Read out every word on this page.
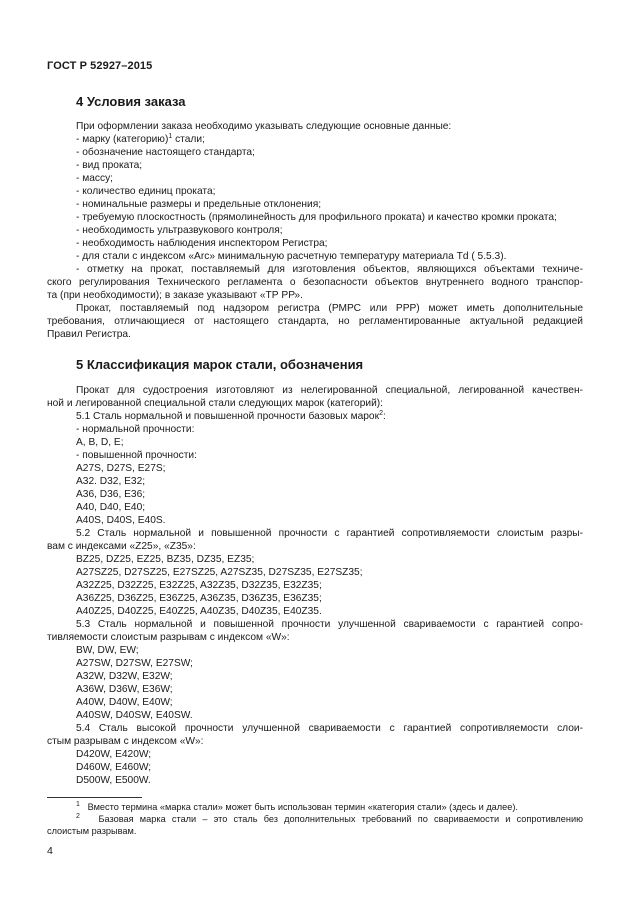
ГОСТ Р 52927–2015
4 Условия заказа
При оформлении заказа необходимо указывать следующие основные данные:
- марку (категорию)$^1$ стали;
- обозначение настоящего стандарта;
- вид проката;
- массу;
- количество единиц проката;
- номинальные размеры и предельные отклонения;
- требуемую плоскостность (прямолинейность для профильного проката) и качество кромки проката;
- необходимость ультразвукового контроля;
- необходимость наблюдения инспектором Регистра;
- для стали с индексом «Arc» минимальную расчетную температуру материала Td ( 5.5.3).
- отметку на прокат, поставляемый для изготовления объектов, являющихся объектами техниче-
ского регулирования Технического регламента о безопасности объектов внутреннего водного транспор-
та (при необходимости); в заказе указывают «ТР РР».
Прокат, поставляемый под надзором регистра (РМРС или РРР) может иметь дополнительные
требования, отличающиеся от настоящего стандарта, но регламентированные актуальной редакцией
Правил Регистра.
5 Классификация марок стали, обозначения
Прокат для судостроения изготовляют из нелегированной специальной, легированной качествен-
ной и легированной специальной стали следующих марок (категорий):
5.1 Сталь нормальной и повышенной прочности базовых марок$^2$:
- нормальной прочности:
A, B, D, E;
- повышенной прочности:
A27S, D27S, E27S;
A32. D32, E32;
A36, D36, E36;
A40, D40, E40;
A40S, D40S, E40S.
5.2 Сталь нормальной и повышенной прочности с гарантией сопротивляемости слоистым разры-
вам с индексами «Z25», «Z35»:
BZ25, DZ25, EZ25, BZ35, DZ35, EZ35;
A27SZ25, D27SZ25, E27SZ25, A27SZ35, D27SZ35, E27SZ35;
A32Z25, D32Z25, E32Z25, A32Z35, D32Z35, E32Z35;
A36Z25, D36Z25, E36Z25, A36Z35, D36Z35, E36Z35;
A40Z25, D40Z25, E40Z25, A40Z35, D40Z35, E40Z35.
5.3 Сталь нормальной и повышенной прочности улучшенной свариваемости с гарантией сопро-
тивляемости слоистым разрывам с индексом «W»:
BW, DW, EW;
A27SW, D27SW, E27SW;
A32W, D32W, E32W;
A36W, D36W, E36W;
A40W, D40W, E40W;
A40SW, D40SW, E40SW.
5.4 Сталь высокой прочности улучшенной свариваемости с гарантией сопротивляемости слои-
стым разрывам с индексом «W»:
D420W, E420W;
D460W, E460W;
D500W, E500W.
$^1$ Вместо термина «марка стали» может быть использован термин «категория стали» (здесь и далее).
$^2$ Базовая марка стали – это сталь без дополнительных требований по свариваемости и сопротивлению
слоистым разрывам.
4
